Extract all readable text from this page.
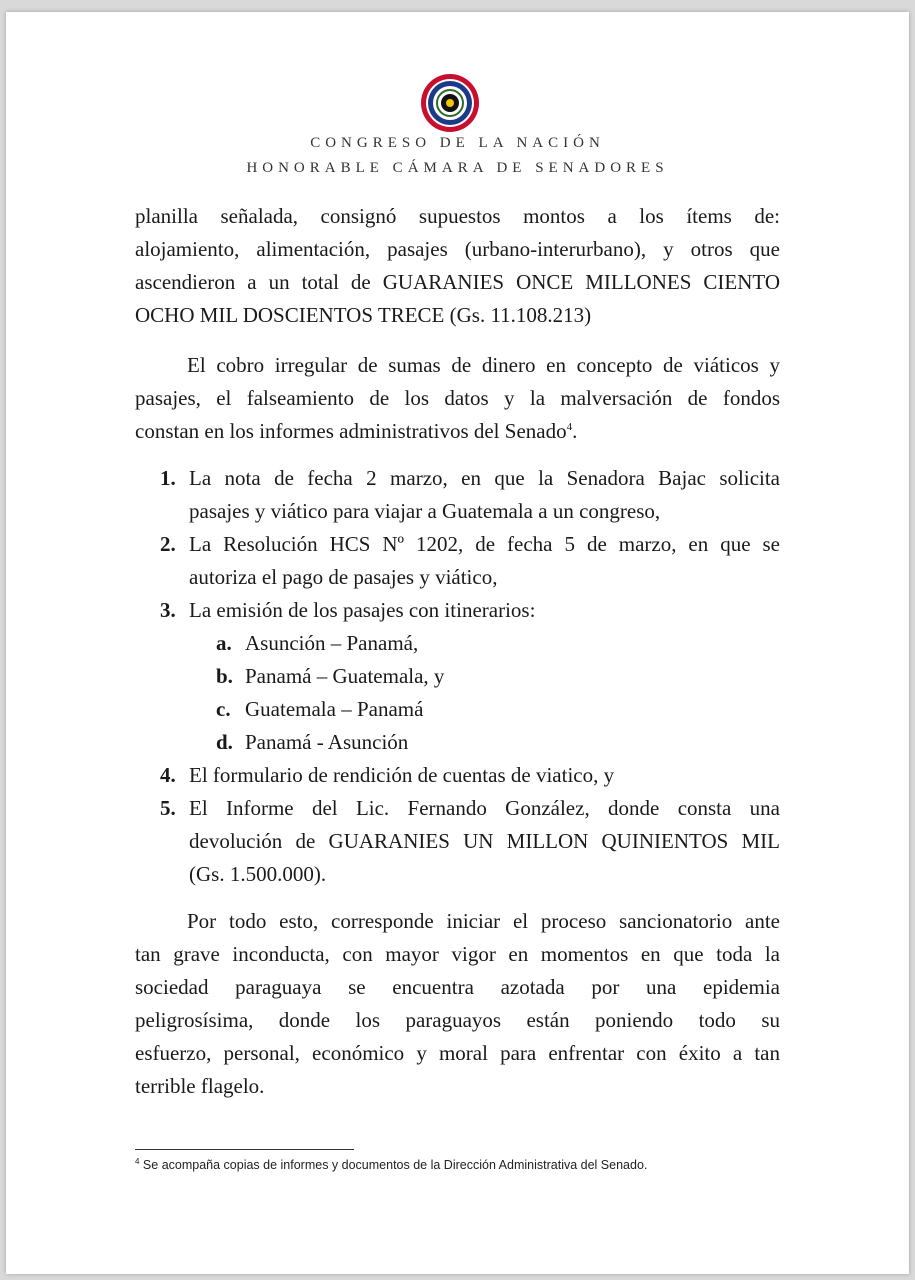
CONGRESO DE LA NACIÓN
HONORABLE CÁMARA DE SENADORES
planilla señalada, consignó supuestos montos a los ítems de:
alojamiento, alimentación, pasajes (urbano-interurbano), y otros que
ascendieron a un total de GUARANIES ONCE MILLONES CIENTO
OCHO MIL DOSCIENTOS TRECE (Gs. 11.108.213)
El cobro irregular de sumas de dinero en concepto de viáticos y
pasajes, el falseamiento de los datos y la malversación de fondos
constan en los informes administrativos del Senado$^4$.
1. La nota de fecha 2 marzo, en que la Senadora Bajac solicita
pasajes y viático para viajar a Guatemala a un congreso,
2. La Resolución HCS Nº 1202, de fecha 5 de marzo, en que se
autoriza el pago de pasajes y viático,
3. La emisión de los pasajes con itinerarios:
a. Asunción – Panamá,
b. Panamá – Guatemala, y
c. Guatemala – Panamá
d. Panamá - Asunción
4. El formulario de rendición de cuentas de viatico, y
5. El Informe del Lic. Fernando González, donde consta una
devolución de GUARANIES UN MILLON QUINIENTOS MIL
(Gs. 1.500.000).
Por todo esto, corresponde iniciar el proceso sancionatorio ante
tan grave inconducta, con mayor vigor en momentos en que toda la
sociedad paraguaya se encuentra azotada por una epidemia
peligrosísima, donde los paraguayos están poniendo todo su
esfuerzo, personal, económico y moral para enfrentar con éxito a tan
terrible flagelo.
$^4$ Se acompaña copias de informes y documentos de la Dirección Administrativa del Senado.
